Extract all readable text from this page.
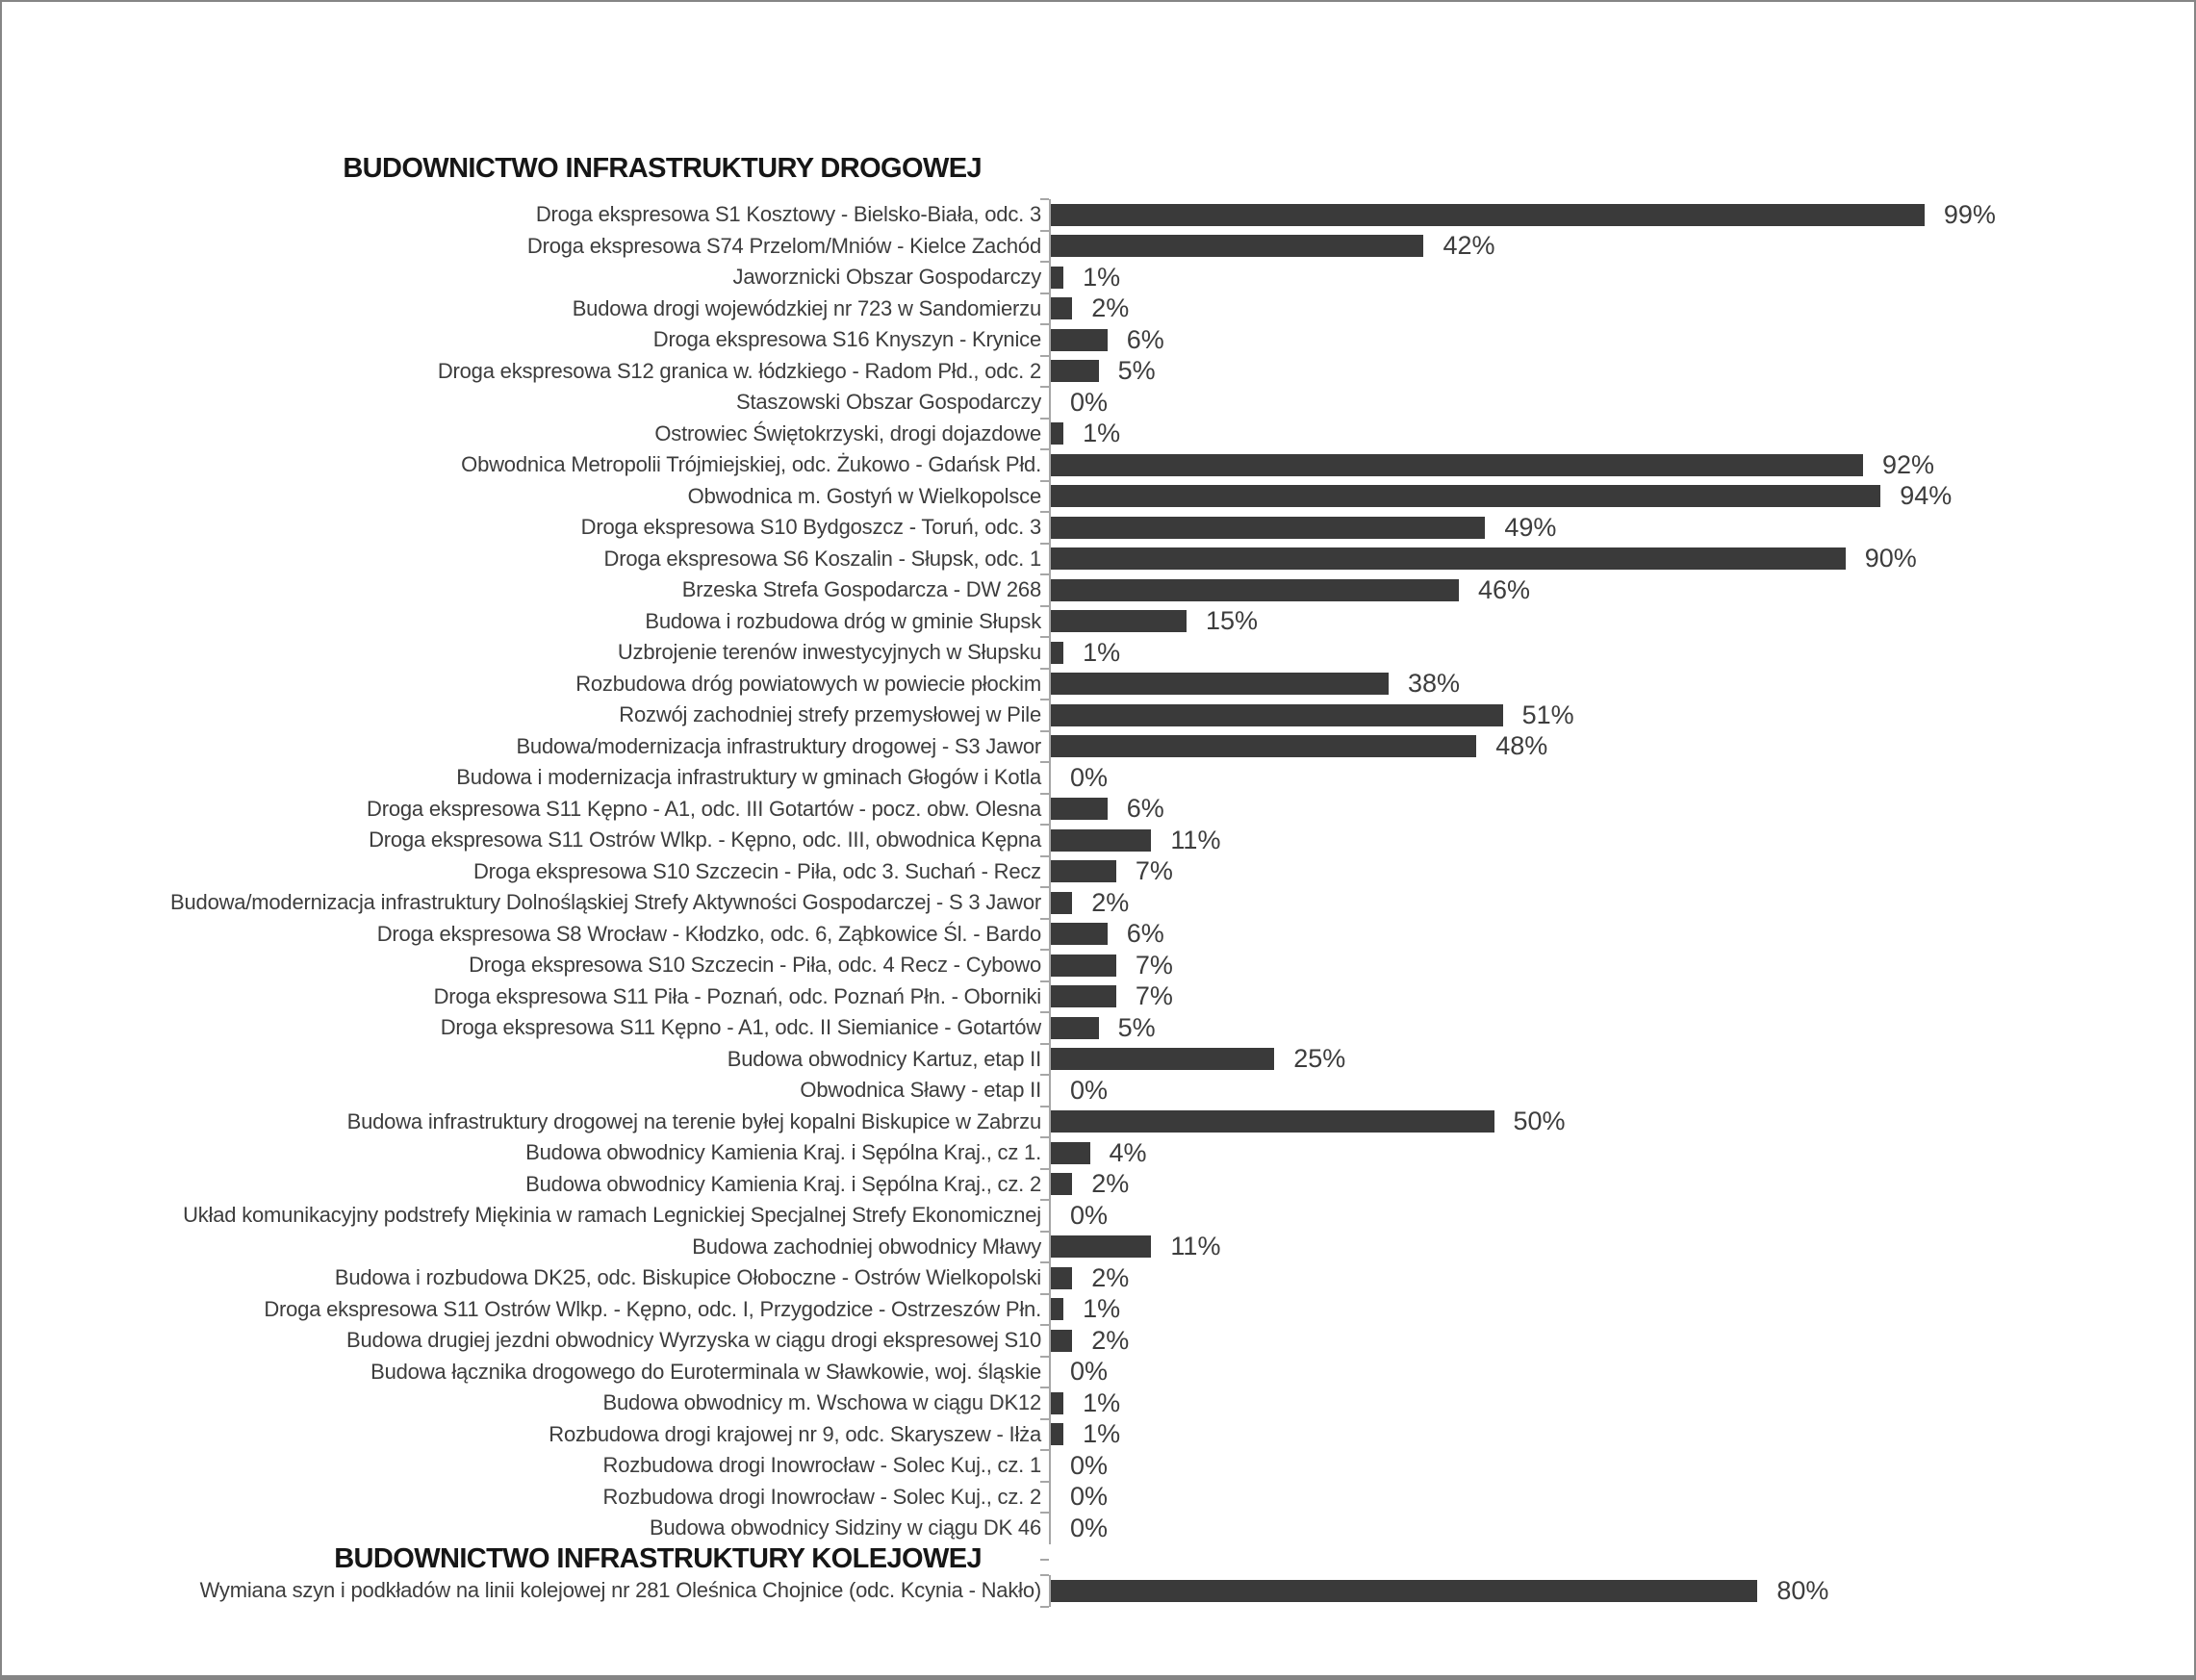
BUDOWNICTWO INFRASTRUKTURY DROGOWEJ
Droga ekspresowa S1 Kosztowy - Bielsko-Biała, odc. 3	99%
Droga ekspresowa S74 Przelom/Mniów - Kielce Zachód	42%
Jaworznicki Obszar Gospodarczy 1%
Budowa drogi wojewódzkiej nr 723 w Sandomierzu 2%
Droga ekspresowa S16 Knyszyn - Krynice	6%
Droga ekspresowa S12 granica w. łódzkiego - Radom Płd., odc. 2	5%
Staszowski Obszar Gospodarczy 0%
Ostrowiec Świętokrzyski, drogi dojazdowe 1%
Obwodnica Metropolii Trójmiejskiej, odc. Żukowo - Gdańsk Płd.	92%
Obwodnica m. Gostyń w Wielkopolsce	94%
Droga ekspresowa S10 Bydgoszcz - Toruń, odc. 3	49%
Droga ekspresowa S6 Koszalin - Słupsk, odc. 1	90%
Brzeska Strefa Gospodarcza - DW 268	46%
Budowa i rozbudowa dróg w gminie Słupsk	15%
Uzbrojenie terenów inwestycyjnych w Słupsku 1%
Rozbudowa dróg powiatowych w powiecie płockim	38%
Rozwój zachodniej strefy przemysłowej w Pile	51%
Budowa/modernizacja infrastruktury drogowej - S3 Jawor	48%
Budowa i modernizacja infrastruktury w gminach Głogów i Kotla 0%
Droga ekspresowa S11 Kępno - A1, odc. III Gotartów - pocz. obw. Olesna	6%
Droga ekspresowa S11 Ostrów Wlkp. - Kępno, odc. III, obwodnica Kępna	11%
Droga ekspresowa S10 Szczecin - Piła, odc 3. Suchań - Recz	7%
Budowa/modernizacja infrastruktury Dolnośląskiej Strefy Aktywności Gospodarczej - S 3 Jawor 2%
Droga ekspresowa S8 Wrocław - Kłodzko, odc. 6, Ząbkowice Śl. - Bardo	6%
Droga ekspresowa S10 Szczecin - Piła, odc. 4 Recz - Cybowo	7%
Droga ekspresowa S11 Piła - Poznań, odc. Poznań Płn. - Oborniki	7%
Droga ekspresowa S11 Kępno - A1, odc. II Siemianice - Gotartów	5%
Budowa obwodnicy Kartuz, etap II	25%
Obwodnica Sławy - etap II 0%
Budowa infrastruktury drogowej na terenie byłej kopalni Biskupice w Zabrzu	50%
Budowa obwodnicy Kamienia Kraj. i Sępólna Kraj., cz 1.	4%
Budowa obwodnicy Kamienia Kraj. i Sępólna Kraj., cz. 2 2%
Układ komunikacyjny podstrefy Miękinia w ramach Legnickiej Specjalnej Strefy Ekonomicznej 0%
Budowa zachodniej obwodnicy Mławy	11%
Budowa i rozbudowa DK25, odc. Biskupice Ołoboczne - Ostrów Wielkopolski 2%
Droga ekspresowa S11 Ostrów Wlkp. - Kępno, odc. I, Przygodzice - Ostrzeszów Płn. 1%
Budowa drugiej jezdni obwodnicy Wyrzyska w ciągu drogi ekspresowej S10 2%
Budowa łącznika drogowego do Euroterminala w Sławkowie, woj. śląskie 0%
Budowa obwodnicy m. Wschowa w ciągu DK12 1%
Rozbudowa drogi krajowej nr 9, odc. Skaryszew - Iłża 1%
Rozbudowa drogi Inowrocław - Solec Kuj., cz. 1 0%
Rozbudowa drogi Inowrocław - Solec Kuj., cz. 2 0%
Budowa obwodnicy Sidziny w ciągu DK 46 0%
BUDOWNICTWO INFRASTRUKTURY KOLEJOWEJ
Wymiana szyn i podkładów na linii kolejowej nr 281 Oleśnica Chojnice (odc. Kcynia - Nakło)	80%
